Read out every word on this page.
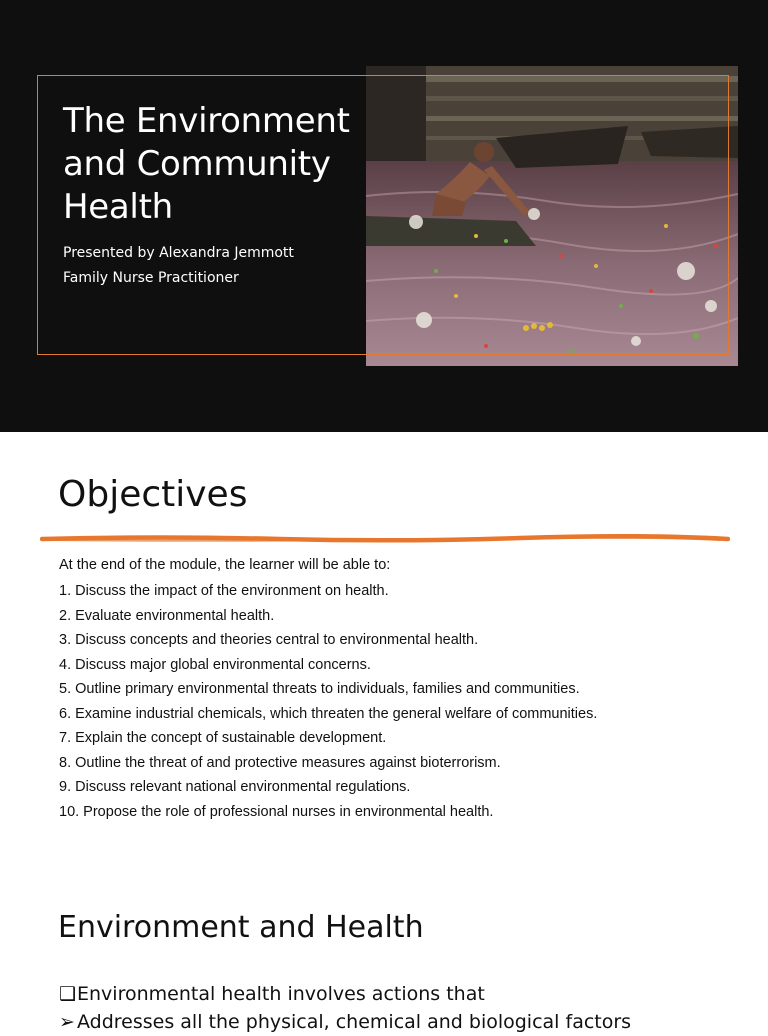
The Environment and Community Health
Presented by Alexandra Jemmott
Family Nurse Practitioner
Objectives

At the end of the module, the learner will be able to:

1. Discuss the impact of the environment on health.
2. Evaluate environmental health.
3. Discuss concepts and theories central to environmental health.
4. Discuss major global environmental concerns.
5. Outline primary environmental threats to individuals, families and communities.
6. Examine industrial chemicals, which threaten the general welfare of communities.
7. Explain the concept of sustainable development.
8. Outline the threat of and protective measures against bioterrorism.
9. Discuss relevant national environmental regulations.
10. Propose the role of professional nurses in environmental health.
Environment and Health

❑Environmental health involves actions that

➢ Addresses all the physical, chemical and biological factors
